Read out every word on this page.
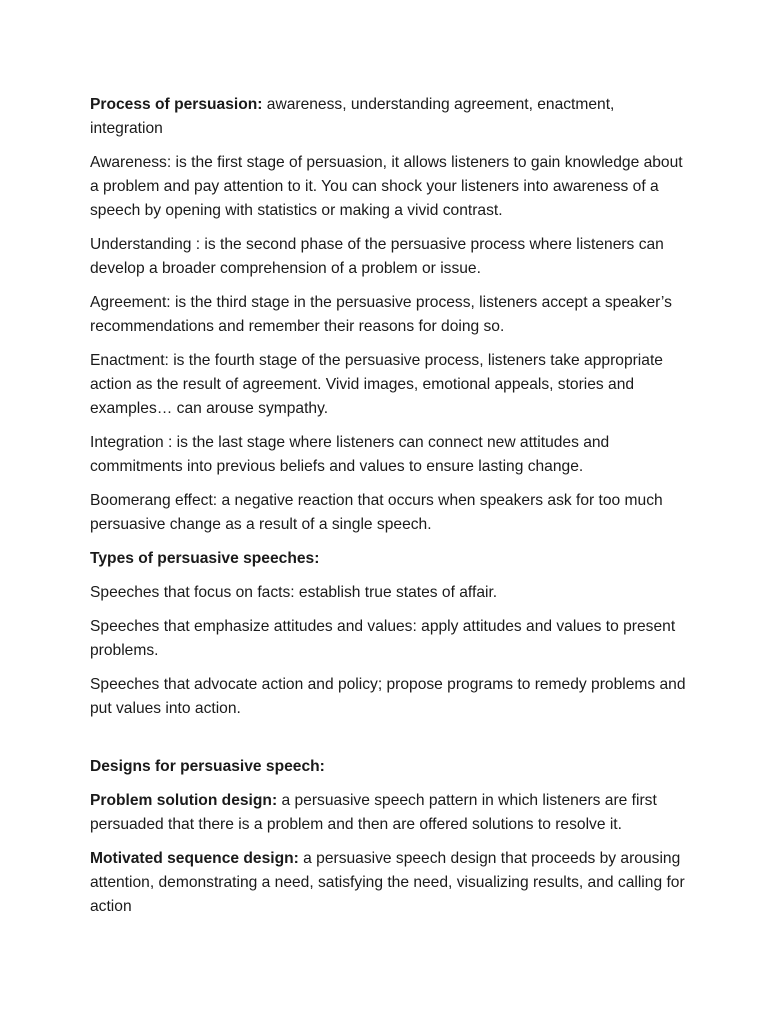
Process of persuasion: awareness, understanding agreement, enactment, integration

Awareness: is the first stage of persuasion, it allows listeners to gain knowledge about a problem and pay attention to it. You can shock your listeners into awareness of a speech by opening with statistics or making a vivid contrast.

Understanding : is the second phase of the persuasive process where listeners can develop a broader comprehension of a problem or issue.

Agreement: is the third stage in the persuasive process, listeners accept a speaker’s recommendations and remember their reasons for doing so.

Enactment: is the fourth stage of the persuasive process, listeners take appropriate action as the result of agreement. Vivid images, emotional appeals, stories and examples… can arouse sympathy.

Integration : is the last stage where listeners can connect new attitudes and commitments into previous beliefs and values to ensure lasting change.

Boomerang effect: a negative reaction that occurs when speakers ask for too much persuasive change as a result of a single speech.

Types of persuasive speeches:

Speeches that focus on facts: establish true states of affair.

Speeches that emphasize attitudes and values: apply attitudes and values to present problems.

Speeches that advocate action and policy; propose programs to remedy problems and put values into action.

Designs for persuasive speech:

Problem solution design: a persuasive speech pattern in which listeners are first persuaded that there is a problem and then are offered solutions to resolve it.

Motivated sequence design: a persuasive speech design that proceeds by arousing attention, demonstrating a need, satisfying the need, visualizing results, and calling for action
